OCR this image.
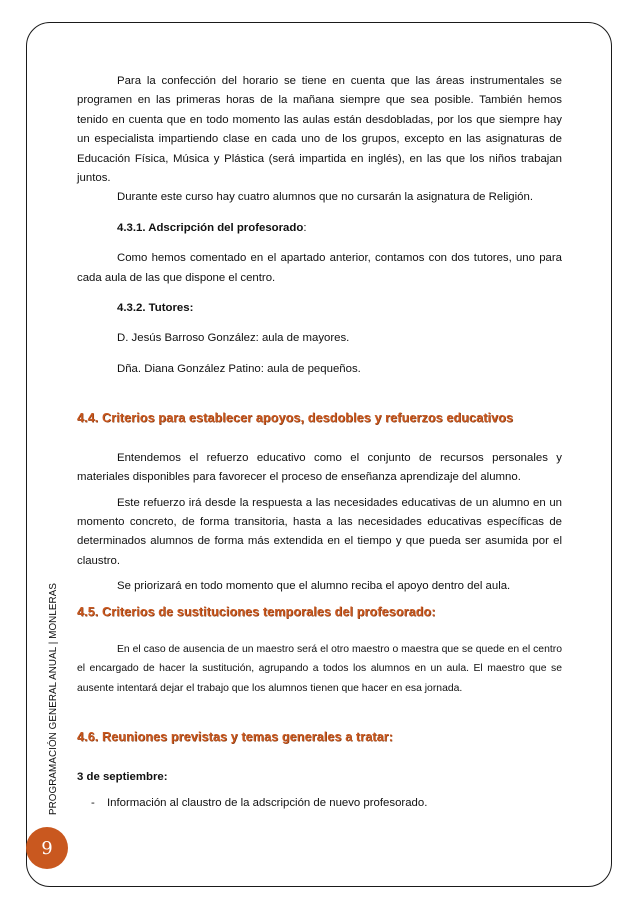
PROGRAMACIÓN GENERAL ANUAL | MONLERAS
9

Para la confección del horario se tiene en cuenta que las áreas instrumentales se programen en las primeras horas de la mañana siempre que sea posible. También hemos tenido en cuenta que en todo momento las aulas están desdobladas, por los que siempre hay un especialista impartiendo clase en cada uno de los grupos, excepto en las asignaturas de Educación Física, Música y Plástica (será impartida en inglés), en las que los niños trabajan juntos.

Durante este curso hay cuatro alumnos que no cursarán la asignatura de Religión.

4.3.1. Adscripción del profesorado:

Como hemos comentado en el apartado anterior, contamos con dos tutores, uno para cada aula de las que dispone el centro.

4.3.2. Tutores:

D. Jesús Barroso González: aula de mayores.

Dña. Diana González Patino: aula de pequeños.

4.4. Criterios para establecer apoyos, desdobles y refuerzos educativos

Entendemos el refuerzo educativo como el conjunto de recursos personales y materiales disponibles para favorecer el proceso de enseñanza aprendizaje del alumno.

Este refuerzo irá desde la respuesta a las necesidades educativas de un alumno en un momento concreto, de forma transitoria, hasta a las necesidades educativas específicas de determinados alumnos de forma más extendida en el tiempo y que pueda ser asumida por el claustro.

Se priorizará en todo momento que el alumno reciba el apoyo dentro del aula.

4.5. Criterios de sustituciones temporales del profesorado:

En el caso de ausencia de un maestro será el otro maestro o maestra que se quede en el centro el encargado de hacer la sustitución, agrupando a todos los alumnos en un aula. El maestro que se ausente intentará dejar el trabajo que los alumnos tienen que hacer en esa jornada.

4.6. Reuniones previstas y temas generales a tratar:

3 de septiembre:

-	Información al claustro de la adscripción de nuevo profesorado.
